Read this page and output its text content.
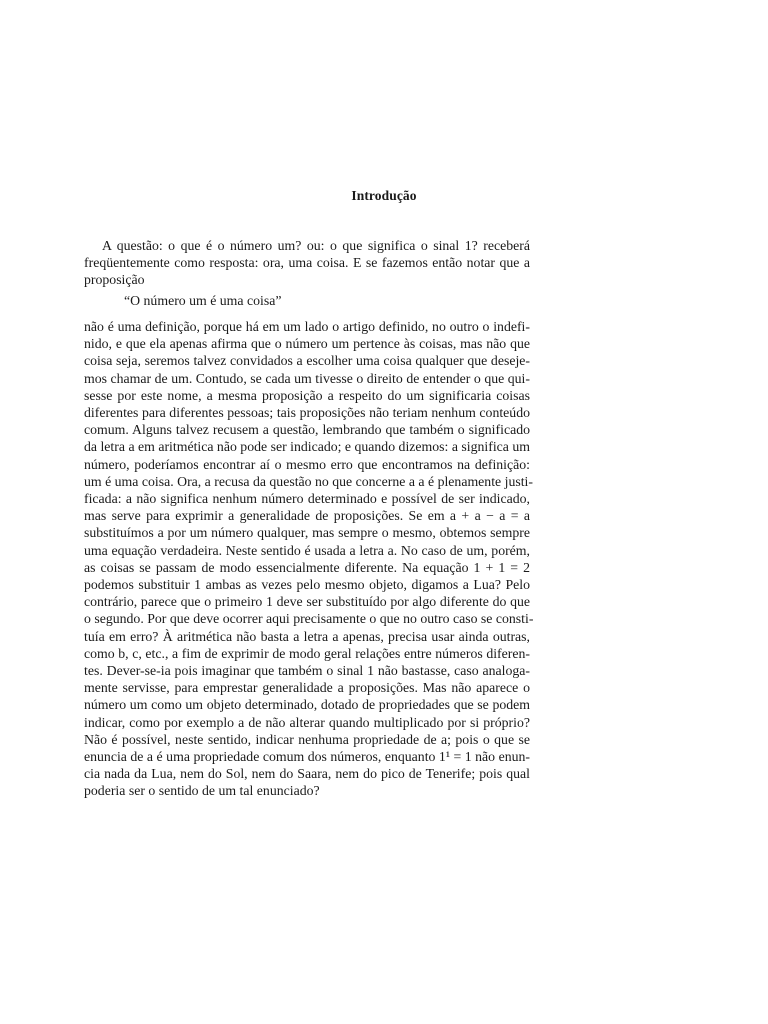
Introdução
A questão: o que é o número um? ou: o que significa o sinal 1? receberá
freqüentemente como resposta: ora, uma coisa. E se fazemos então notar que a
proposição
“O número um é uma coisa”
não é uma definição, porque há em um lado o artigo definido, no outro o indefi-
nido, e que ela apenas afirma que o número um pertence às coisas, mas não que
coisa seja, seremos talvez convidados a escolher uma coisa qualquer que deseje-
mos chamar de um. Contudo, se cada um tivesse o direito de entender o que qui-
sesse por este nome, a mesma proposição a respeito do um significaria coisas
diferentes para diferentes pessoas; tais proposições não teriam nenhum conteúdo
comum. Alguns talvez recusem a questão, lembrando que também o significado
da letra a em aritmética não pode ser indicado; e quando dizemos: a significa um
número, poderíamos encontrar aí o mesmo erro que encontramos na definição:
um é uma coisa. Ora, a recusa da questão no que concerne a a é plenamente justi-
ficada: a não significa nenhum número determinado e possível de ser indicado,
mas serve para exprimir a generalidade de proposições. Se em a + a − a = a
substituímos a por um número qualquer, mas sempre o mesmo, obtemos sempre
uma equação verdadeira. Neste sentido é usada a letra a. No caso de um, porém,
as coisas se passam de modo essencialmente diferente. Na equação 1 + 1 = 2
podemos substituir 1 ambas as vezes pelo mesmo objeto, digamos a Lua? Pelo
contrário, parece que o primeiro 1 deve ser substituído por algo diferente do que
o segundo. Por que deve ocorrer aqui precisamente o que no outro caso se consti-
tuía em erro? À aritmética não basta a letra a apenas, precisa usar ainda outras,
como b, c, etc., a fim de exprimir de modo geral relações entre números diferen-
tes. Dever-se-ia pois imaginar que também o sinal 1 não bastasse, caso analoga-
mente servisse, para emprestar generalidade a proposições. Mas não aparece o
número um como um objeto determinado, dotado de propriedades que se podem
indicar, como por exemplo a de não alterar quando multiplicado por si próprio?
Não é possível, neste sentido, indicar nenhuma propriedade de a; pois o que se
enuncia de a é uma propriedade comum dos números, enquanto 1¹ = 1 não enun-
cia nada da Lua, nem do Sol, nem do Saara, nem do pico de Tenerife; pois qual
poderia ser o sentido de um tal enunciado?
